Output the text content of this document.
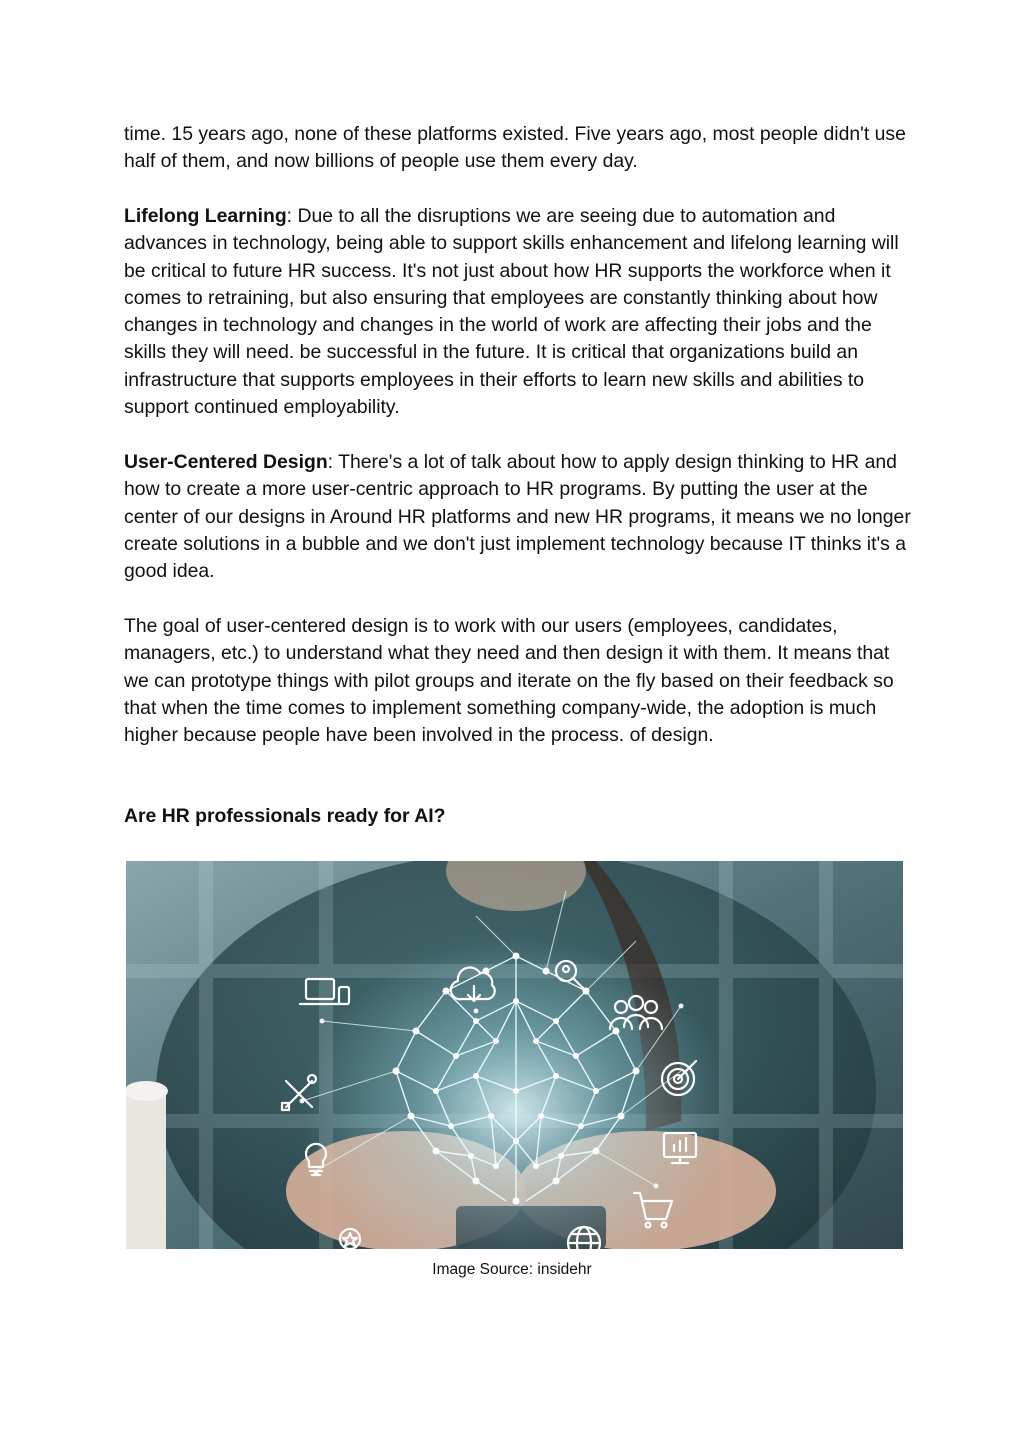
time. 15 years ago, none of these platforms existed. Five years ago, most people didn't use half of them, and now billions of people use them every day.

Lifelong Learning: Due to all the disruptions we are seeing due to automation and advances in technology, being able to support skills enhancement and lifelong learning will be critical to future HR success. It's not just about how HR supports the workforce when it comes to retraining, but also ensuring that employees are constantly thinking about how changes in technology and changes in the world of work are affecting their jobs and the skills they will need. be successful in the future. It is critical that organizations build an infrastructure that supports employees in their efforts to learn new skills and abilities to support continued employability.

User-Centered Design: There's a lot of talk about how to apply design thinking to HR and how to create a more user-centric approach to HR programs. By putting the user at the center of our designs in Around HR platforms and new HR programs, it means we no longer create solutions in a bubble and we don't just implement technology because IT thinks it's a good idea.

The goal of user-centered design is to work with our users (employees, candidates, managers, etc.) to understand what they need and then design it with them. It means that we can prototype things with pilot groups and iterate on the fly based on their feedback so that when the time comes to implement something company-wide, the adoption is much higher because people have been involved in the process. of design.

Are HR professionals ready for AI?

Image Source: insidehr
